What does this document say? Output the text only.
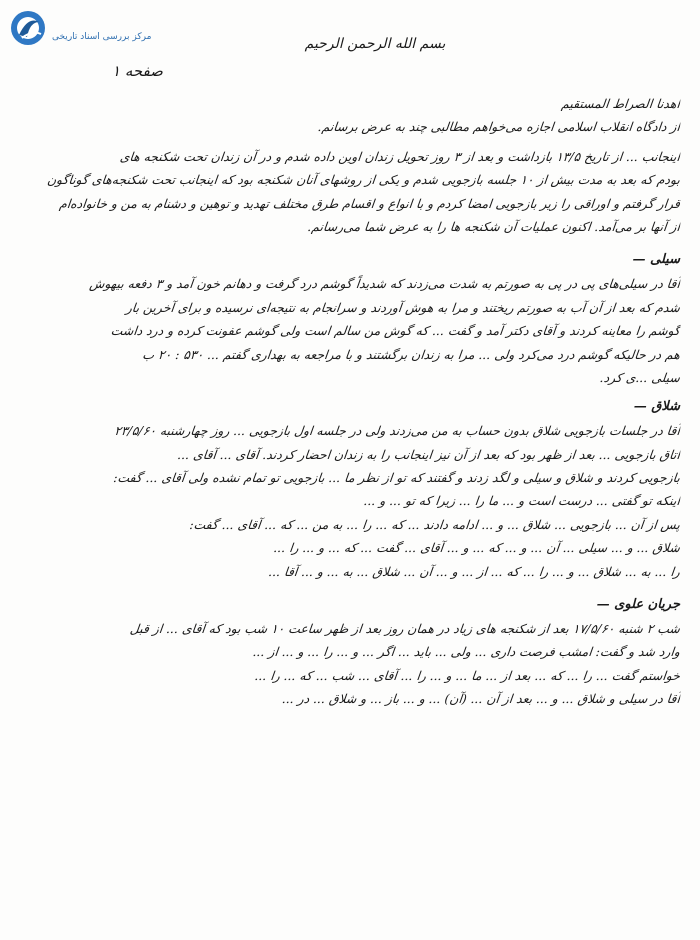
مرکز بررسی اسناد تاریخی	بسم الله الرحمن الرحیم
صفحه ۱
اهدنا الصراط المستقیم
از دادگاه انقلاب اسلامی اجازه می‌خواهم مطالبی چند به عرض برسانم.
اینجانب ... از تاریخ ۱۳/۵ بازداشت و بعد از ۳ روز تحویل زندان اوین داده شدم و در آن زندان تحت شکنجه های
بودم که بعد به مدت بیش از ۱۰ جلسه بازجویی شدم و یکی از روشهای آنان شکنجه بود که اینجانب تحت شکنجه‌های گوناگون
قرار گرفتم و اوراقی را زیر بازجویی امضا کردم و با انواع و اقسام طرق مختلف تهدید و توهین و دشنام به من و خانواده‌ام
از آنها بر می‌آمد. اکنون عملیات آن شکنجه ها را به عرض شما می‌رسانم.
سیلی —
آقا در سیلی‌های پی در پی به صورتم به شدت می‌زدند که شدیداً گوشم درد گرفت و دهانم خون آمد و ۳ دفعه بیهوش
شدم که بعد از آن آب به صورتم ریختند و مرا به هوش آوردند و سرانجام به نتیجه‌ای نرسیده و برای آخرین بار
گوشم را معاینه کردند و آقای دکتر آمد و گفت ... که گوش من سالم است ولی گوشم عفونت کرده و درد داشت
هم در حالیکه گوشم درد می‌کرد ولی ... مرا به زندان برگشتند و با مراجعه به بهداری گفتم ... ۵۳۰ : ۲۰ ب
سیلی ...ی کرد.
شلاق —
آقا در جلسات بازجویی شلاق بدون حساب به من می‌زدند ولی در جلسه اول بازجویی ... روز چهارشنبه ۲۳/۵/۶۰
اتاق بازجویی ... بعد از ظهر بود که بعد از آن نیز اینجانب را به زندان احضار کردند. آقای ... آقای ...
بازجویی کردند و شلاق و سیلی و لگد زدند و گفتند که تو از نظر ما ... بازجویی تو تمام نشده ولی آقای ... گفت:
اینکه تو گفتی ... درست است و ... ما را ... زیرا که تو ... و ...
پس از آن ... بازجویی ... شلاق ... و ... ادامه دادند ... که ... را ... به من ... که ... آقای ... گفت:
شلاق ... و ... سیلی ... آن ... و ... که ... و ... آقای ... گفت ... که ... و ... را ...
را ... به ... شلاق ... و ... را ... که ... از ... و ... آن ... شلاق ... به ... و ... آقا ...
جریان علوی —
شب ۲ شنبه ۱۷/۵/۶۰ بعد از شکنجه های زیاد در همان روز بعد از ظهر ساعت ۱۰ شب بود که آقای ... از قبل
وارد شد و گفت: امشب فرصت داری ... ولی ... باید ... اگر ... و ... را ... و ... از ...
خواستم گفت ... را ... که ... بعد از ... ما ... و ... را ... آقای ... شب ... که ... را ...
آقا در سیلی و شلاق ... و ... بعد از آن ... (آن) ... و ... باز ... و شلاق ... در ...
